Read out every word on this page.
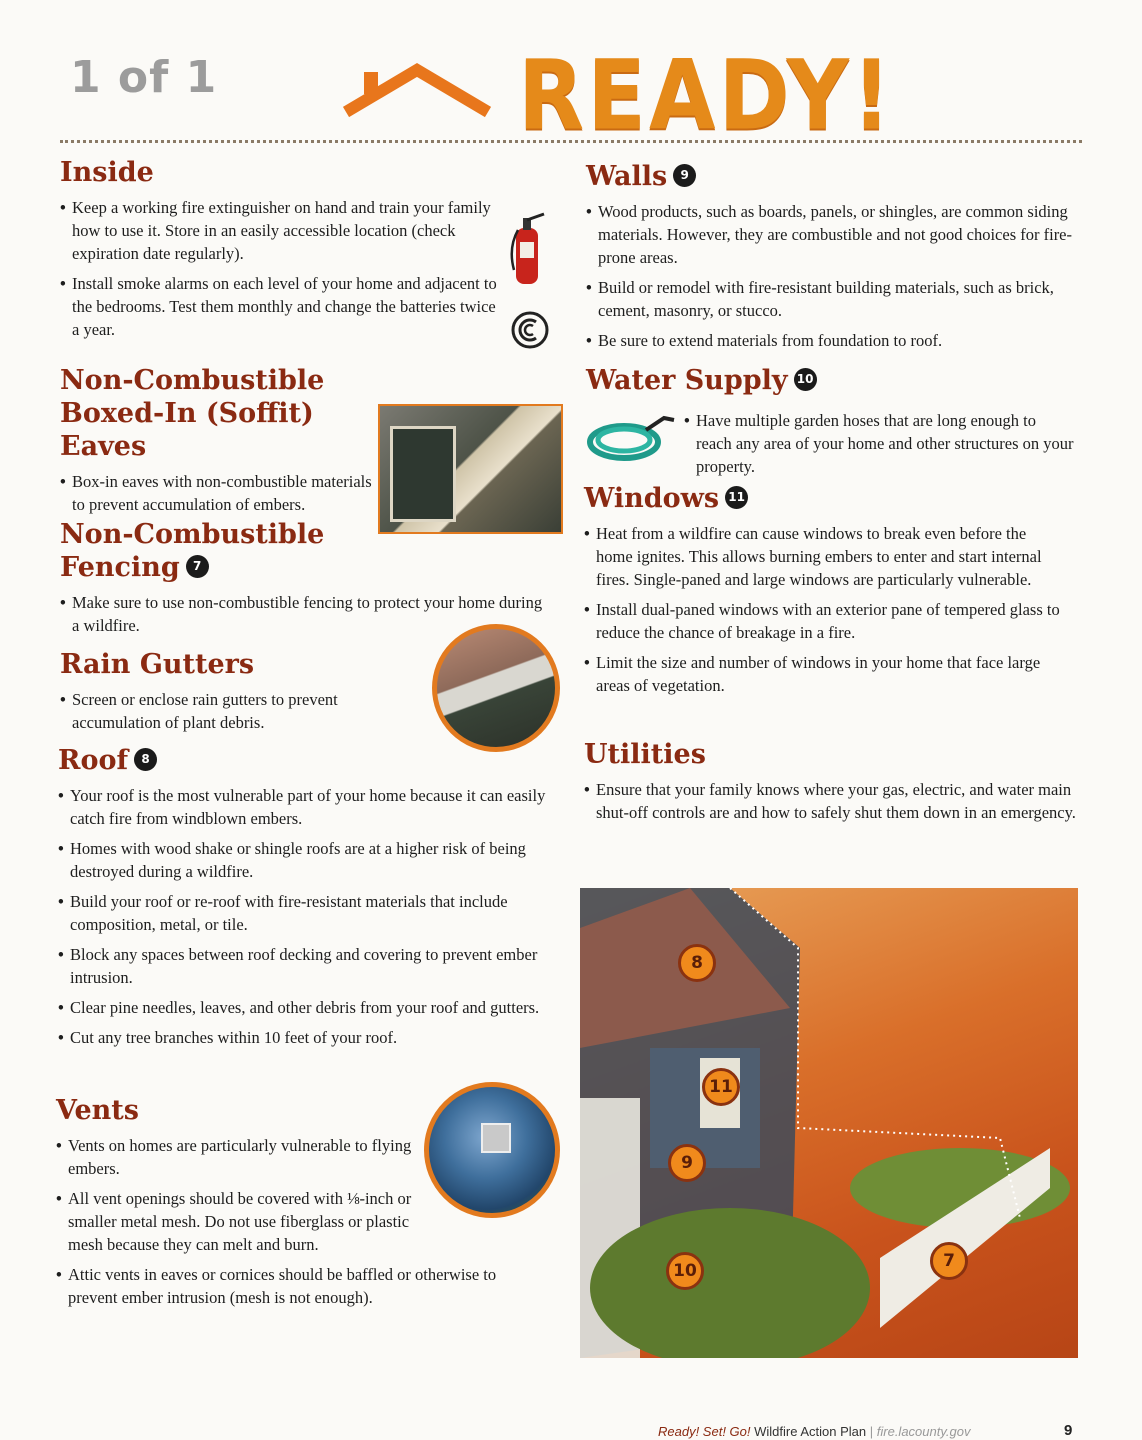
1 of 1	READY!
Inside
• Keep a working fire extinguisher on hand and train your family how to use it. Store in an easily accessible location (check expiration date regularly).
• Install smoke alarms on each level of your home and adjacent to the bedrooms. Test them monthly and change the batteries twice a year.
Non-Combustible
Boxed-In (Soffit) Eaves
• Box-in eaves with non-combustible materials to prevent accumulation of embers.
Non-Combustible
Fencing 7
• Make sure to use non-combustible fencing to protect your home during a wildfire.
Rain Gutters
• Screen or enclose rain gutters to prevent accumulation of plant debris.
Roof 8
• Your roof is the most vulnerable part of your home because it can easily catch fire from windblown embers.
• Homes with wood shake or shingle roofs are at a higher risk of being destroyed during a wildfire.
• Build your roof or re-roof with fire-resistant materials that include composition, metal, or tile.
• Block any spaces between roof decking and covering to prevent ember intrusion.
• Clear pine needles, leaves, and other debris from your roof and gutters.
• Cut any tree branches within 10 feet of your roof.
Vents
• Vents on homes are particularly vulnerable to flying embers.
• All vent openings should be covered with ⅛-inch or smaller metal mesh. Do not use fiberglass or plastic mesh because they can melt and burn.
• Attic vents in eaves or cornices should be baffled or otherwise to prevent ember intrusion (mesh is not enough).
Walls 9
• Wood products, such as boards, panels, or shingles, are common siding materials. However, they are combustible and not good choices for fire-prone areas.
• Build or remodel with fire-resistant building materials, such as brick, cement, masonry, or stucco.
• Be sure to extend materials from foundation to roof.
Water Supply 10
• Have multiple garden hoses that are long enough to reach any area of your home and other structures on your property.
Windows 11
• Heat from a wildfire can cause windows to break even before the home ignites. This allows burning embers to enter and start internal fires. Single-paned and large windows are particularly vulnerable.
• Install dual-paned windows with an exterior pane of tempered glass to reduce the chance of breakage in a fire.
• Limit the size and number of windows in your home that face large areas of vegetation.
Utilities
• Ensure that your family knows where your gas, electric, and water main shut-off controls are and how to safely shut them down in an emergency.
8
11
9
10	7
Ready! Set! Go! Wildfire Action Plan | fire.lacounty.gov	9
